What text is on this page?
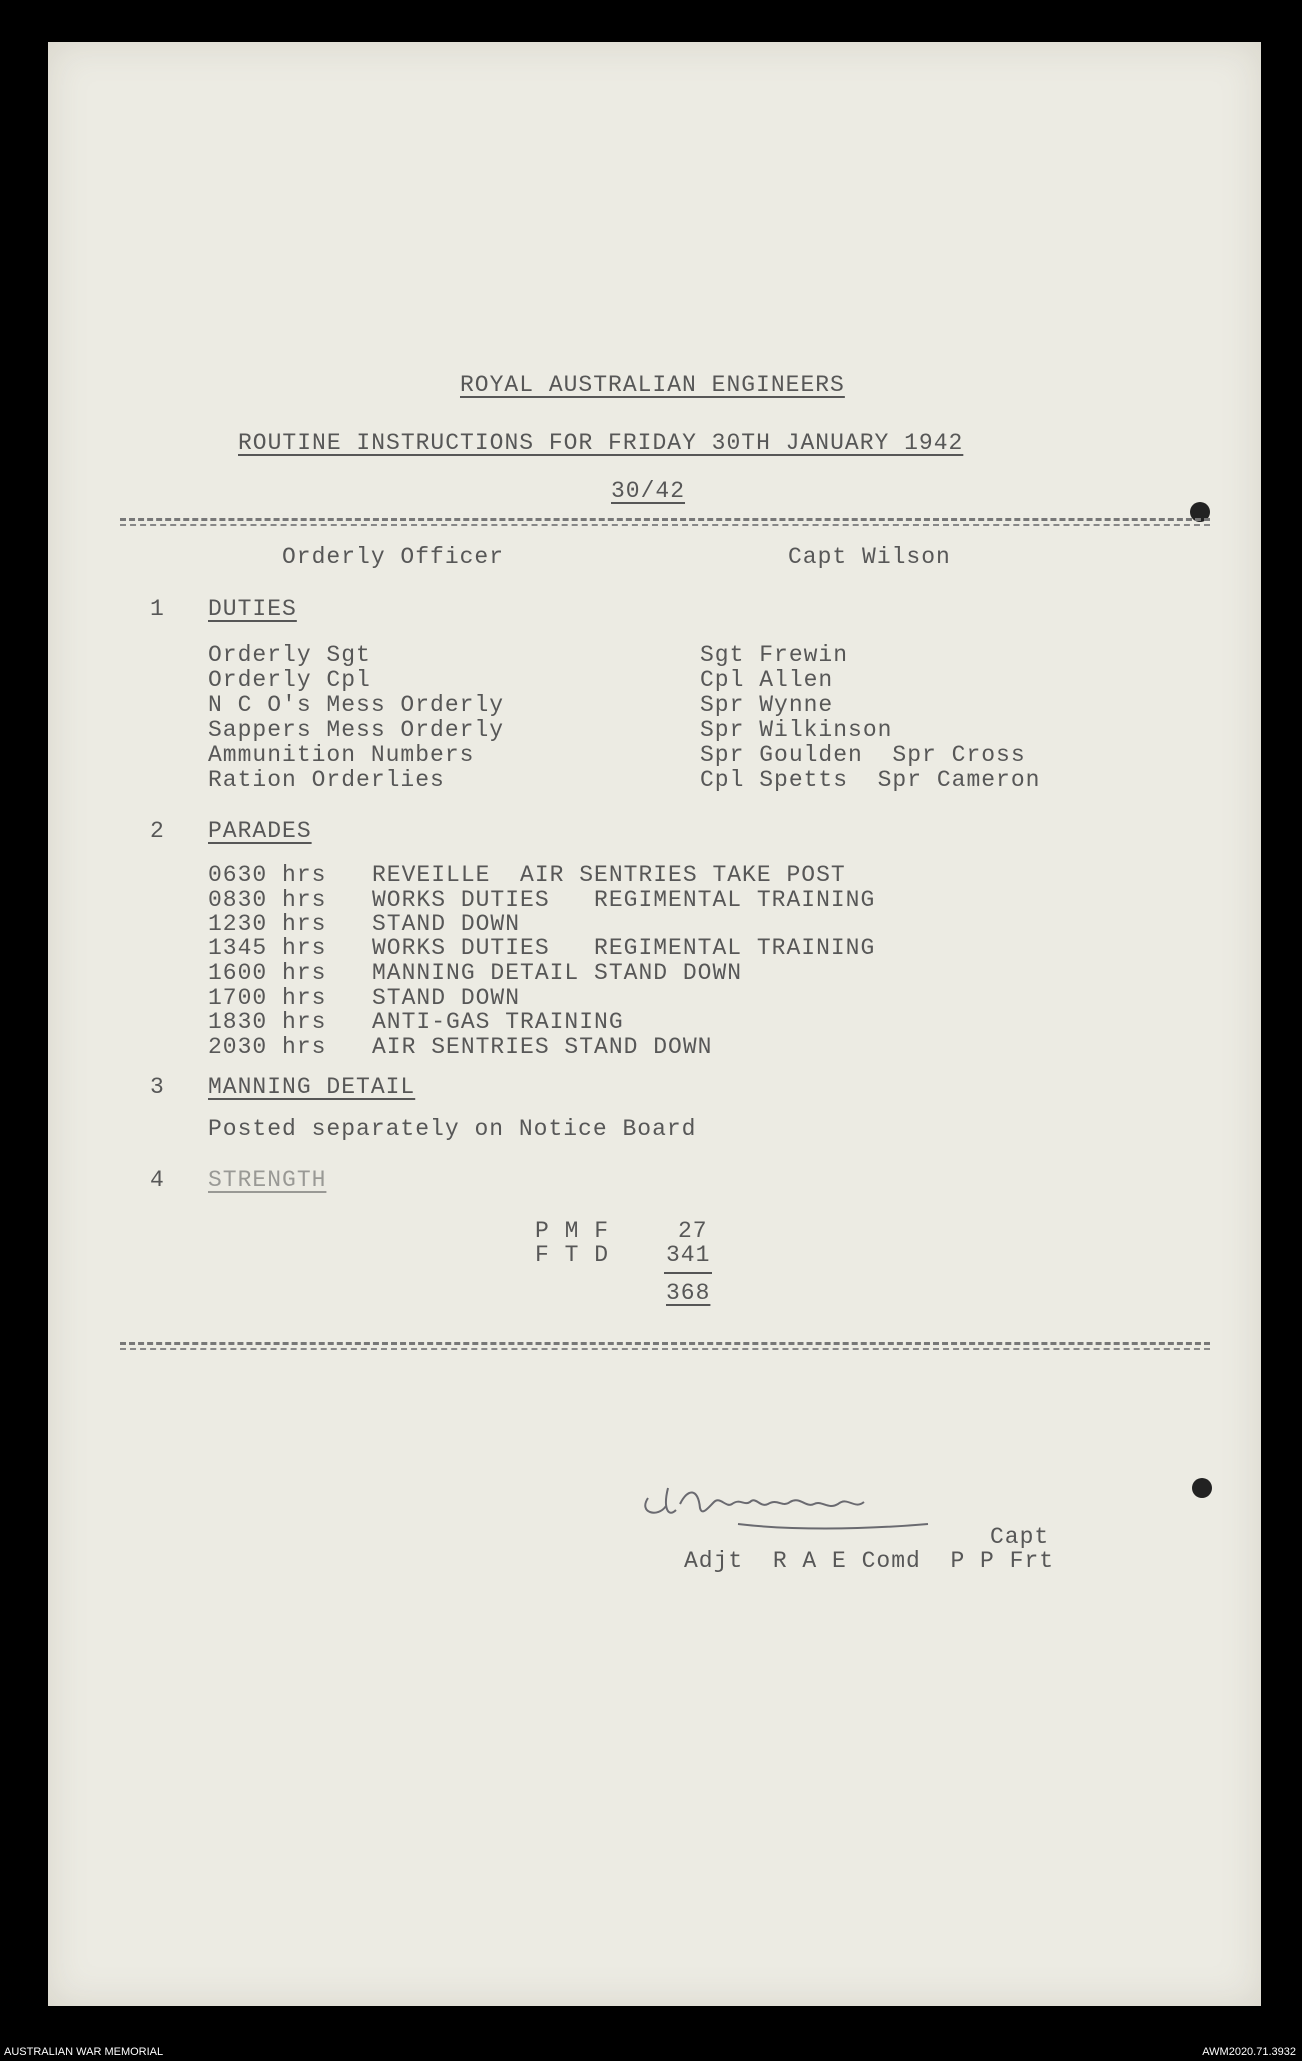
ROYAL AUSTRALIAN ENGINEERS
ROUTINE INSTRUCTIONS FOR FRIDAY 30TH JANUARY 1942
30/42
Orderly Officer	Capt Wilson
1 DUTIES
Orderly Sgt	Sgt Frewin
Orderly Cpl	Cpl Allen
N C O's Mess Orderly	Spr Wynne
Sappers Mess Orderly	Spr Wilkinson
Ammunition Numbers	Spr Goulden  Spr Cross
Ration Orderlies	Cpl Spetts  Spr Cameron
2 PARADES
0630 hrs REVEILLE  AIR SENTRIES TAKE POST
0830 hrs WORKS DUTIES   REGIMENTAL TRAINING
1230 hrs STAND DOWN
1345 hrs WORKS DUTIES   REGIMENTAL TRAINING
1600 hrs MANNING DETAIL STAND DOWN
1700 hrs STAND DOWN
1830 hrs ANTI-GAS TRAINING
2030 hrs AIR SENTRIES STAND DOWN
3 MANNING DETAIL
Posted separately on Notice Board
4 STRENGTH
P M F	27
F T D 341
368
Capt
Adjt  R A E Comd  P P Frt
AUSTRALIAN WAR MEMORIAL	AWM2020.71.3932
